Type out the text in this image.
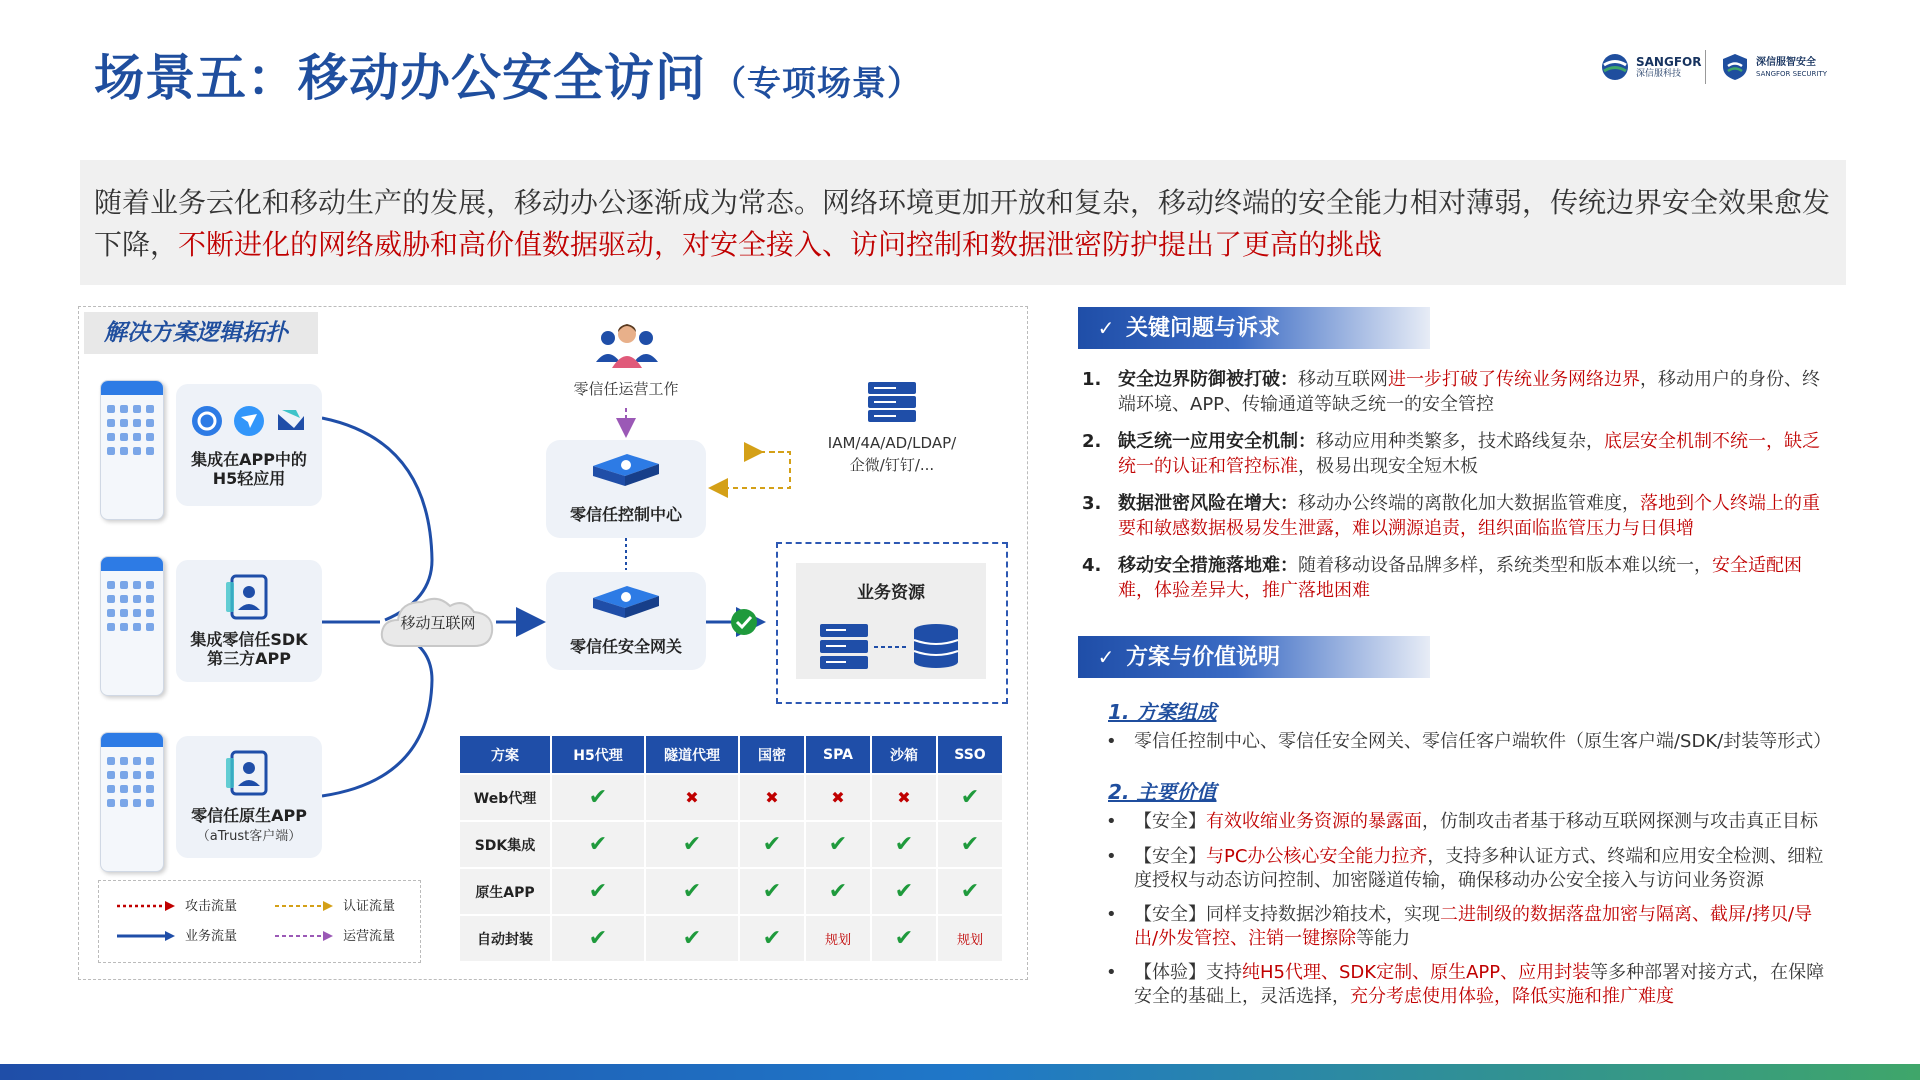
场景五：移动办公安全访问 （专项场景）
SANGFOR
深信服科技
深信服智安全
SANGFOR SECURITY
随着业务云化和移动生产的发展，移动办公逐渐成为常态。网络环境更加开放和复杂，移动终端的安全能力相对薄弱，传统边界安全效果愈发下降，不断进化的网络威胁和高价值数据驱动，对安全接入、访问控制和数据泄密防护提出了更高的挑战
解决方案逻辑拓扑
集成在APP中的
H5轻应用
集成零信任SDK
第三方APP
零信任原生APP
（aTrust客户端）
移动互联网
零信任运营工作
零信任控制中心
零信任安全网关
IAM/4A/AD/LDAP/
企微/钉钉/...
业务资源
方案	H5代理	隧道代理	国密	SPA	沙箱	SSO
Web代理	✔	✖	✖	✖	✖	✔
SDK集成	✔	✔	✔	✔	✔	✔
原生APP	✔	✔	✔	✔	✔	✔
自动封装	✔	✔	✔	规划	✔	规划
攻击流量	认证流量
业务流量	运营流量
✓ 关键问题与诉求
1. 安全边界防御被打破：移动互联网进一步打破了传统业务网络边界，移动用户的身份、终端环境、APP、传输通道等缺乏统一的安全管控
2. 缺乏统一应用安全机制：移动应用种类繁多，技术路线复杂，底层安全机制不统一，缺乏统一的认证和管控标准，极易出现安全短木板
3. 数据泄密风险在增大：移动办公终端的离散化加大数据监管难度，落地到个人终端上的重要和敏感数据极易发生泄露，难以溯源追责，组织面临监管压力与日俱增
4. 移动安全措施落地难：随着移动设备品牌多样，系统类型和版本难以统一，安全适配困难，体验差异大，推广落地困难
✓ 方案与价值说明
1. 方案组成
• 零信任控制中心、零信任安全网关、零信任客户端软件（原生客户端/SDK/封装等形式）
2. 主要价值
• 【安全】有效收缩业务资源的暴露面，仿制攻击者基于移动互联网探测与攻击真正目标
• 【安全】与PC办公核心安全能力拉齐，支持多种认证方式、终端和应用安全检测、细粒度授权与动态访问控制、加密隧道传输，确保移动办公安全接入与访问业务资源
• 【安全】同样支持数据沙箱技术，实现二进制级的数据落盘加密与隔离、截屏/拷贝/导出/外发管控、注销一键擦除等能力
• 【体验】支持纯H5代理、SDK定制、原生APP、应用封装等多种部署对接方式，在保障安全的基础上，灵活选择，充分考虑使用体验，降低实施和推广难度
